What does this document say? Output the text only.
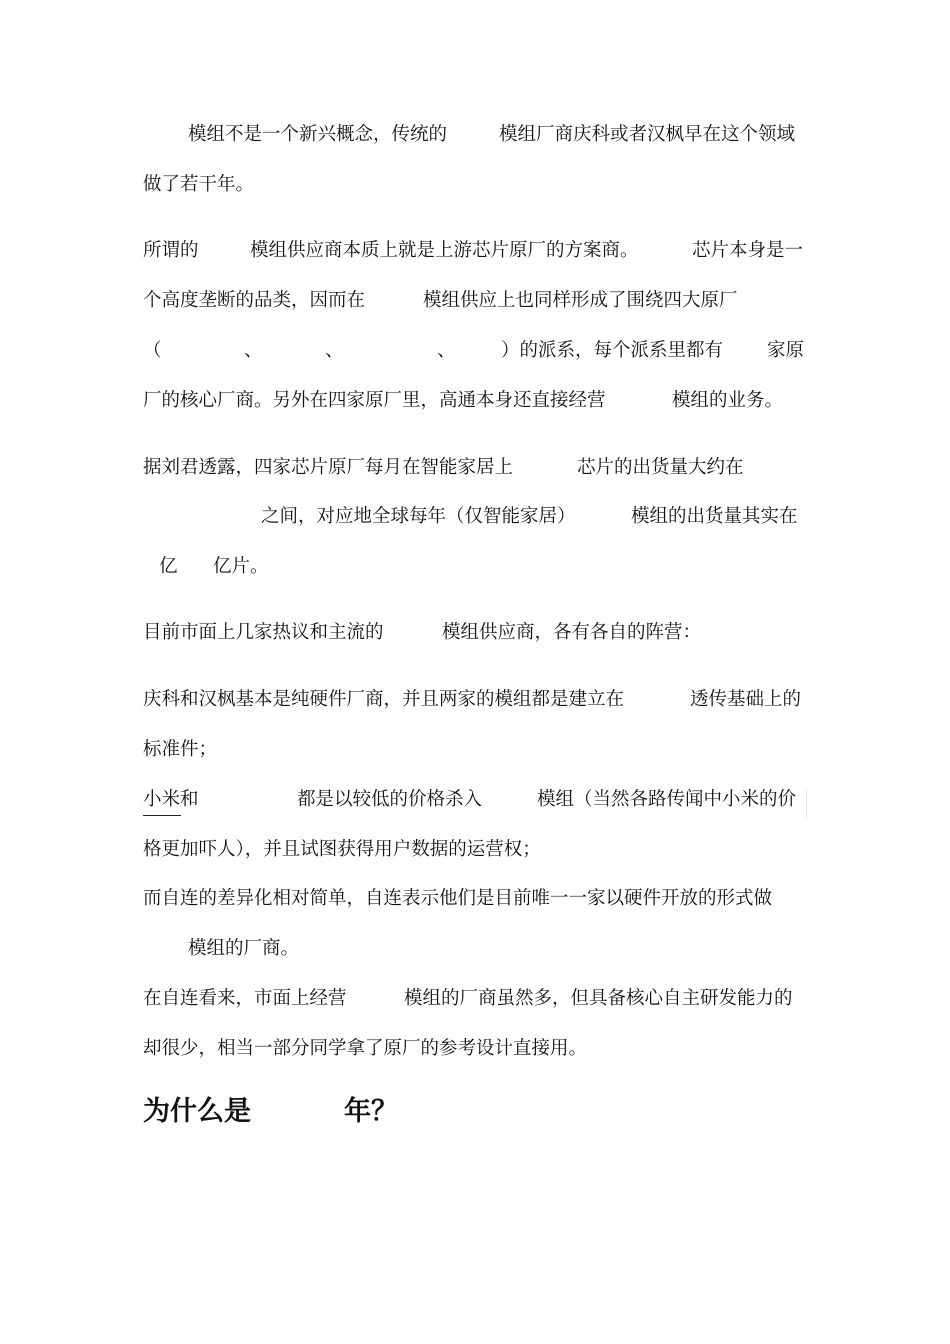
模组不是一个新兴概念，传统的	模组厂商庆科或者汉枫早在这个领域
做了若干年。
所谓的	模组供应商本质上就是上游芯片原厂的方案商。	芯片本身是一
个高度垄断的品类，因而在	模组供应上也同样形成了围绕四大原厂
（	、	、	、 ）的派系，每个派系里都有 家原
厂的核心厂商。另外在四家原厂里，高通本身还直接经营	模组的业务。
据刘君透露，四家芯片原厂每月在智能家居上	芯片的出货量大约在
之间，对应地全球每年（仅智能家居）	模组的出货量其实在
亿 亿片。
目前市面上几家热议和主流的	模组供应商，各有各自的阵营：
庆科和汉枫基本是纯硬件厂商，并且两家的模组都是建立在	透传基础上的
标准件；
小米和	都是以较低的价格杀入	模组（当然各路传闻中小米的价
格更加吓人），并且试图获得用户数据的运营权；
而自连的差异化相对简单，自连表示他们是目前唯一一家以硬件开放的形式做
模组的厂商。
在自连看来，市面上经营	模组的厂商虽然多，但具备核心自主研发能力的
却很少，相当一部分同学拿了原厂的参考设计直接用。
为什么是	年？
